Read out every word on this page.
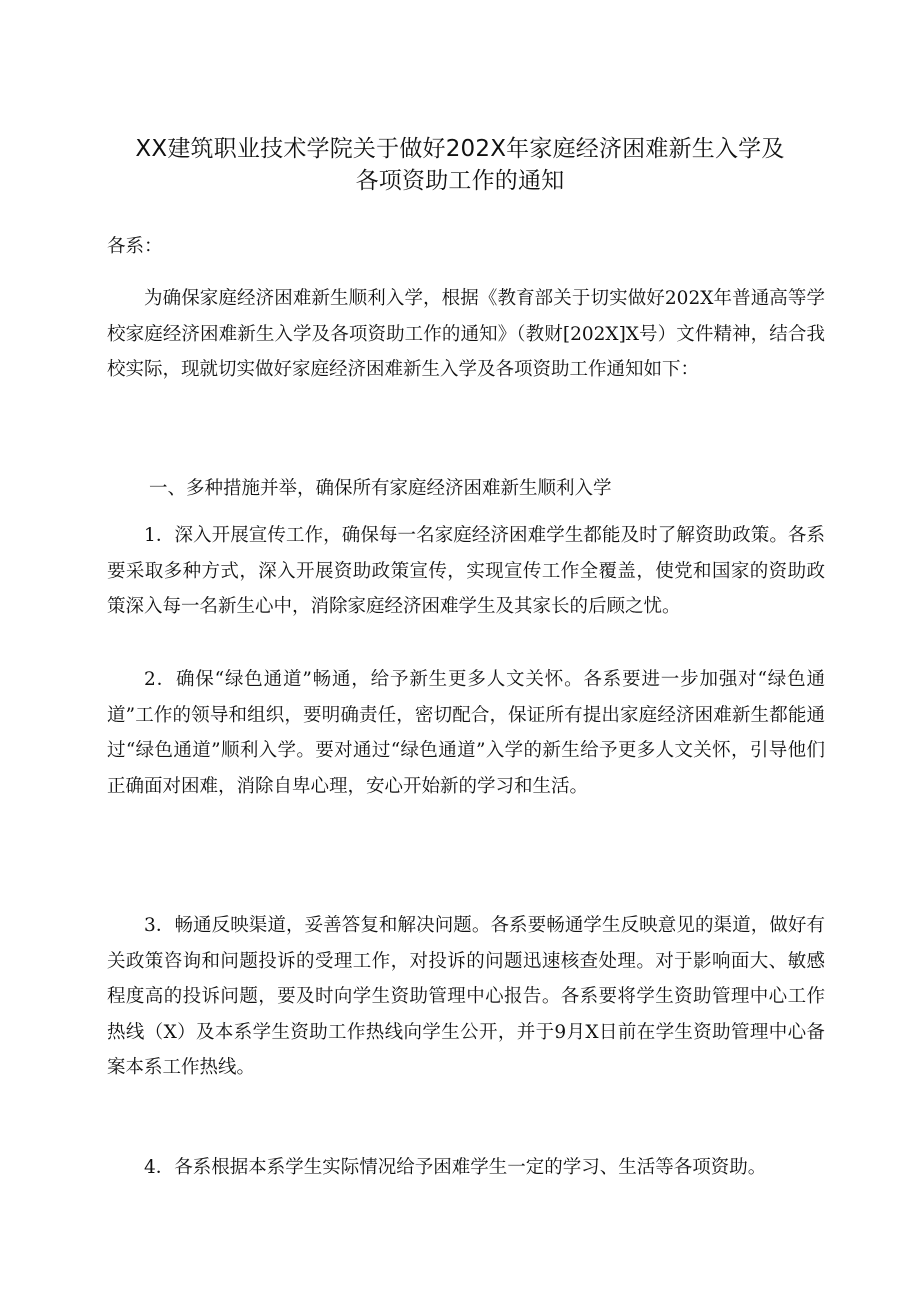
XX建筑职业技术学院关于做好202X年家庭经济困难新生入学及
各项资助工作的通知
各系：

为确保家庭经济困难新生顺利入学，根据《教育部关于切实做好202X年普通高等学校家庭经济困难新生入学及各项资助工作的通知》（教财[202X]X号）文件精神，结合我校实际，现就切实做好家庭经济困难新生入学及各项资助工作通知如下：

一、多种措施并举，确保所有家庭经济困难新生顺利入学

1．深入开展宣传工作，确保每一名家庭经济困难学生都能及时了解资助政策。各系要采取多种方式，深入开展资助政策宣传，实现宣传工作全覆盖，使党和国家的资助政策深入每一名新生心中，消除家庭经济困难学生及其家长的后顾之忧。

2．确保“绿色通道”畅通，给予新生更多人文关怀。各系要进一步加强对“绿色通道”工作的领导和组织，要明确责任，密切配合，保证所有提出家庭经济困难新生都能通过“绿色通道”顺利入学。要对通过“绿色通道”入学的新生给予更多人文关怀，引导他们正确面对困难，消除自卑心理，安心开始新的学习和生活。

3．畅通反映渠道，妥善答复和解决问题。各系要畅通学生反映意见的渠道，做好有关政策咨询和问题投诉的受理工作，对投诉的问题迅速核查处理。对于影响面大、敏感程度高的投诉问题，要及时向学生资助管理中心报告。各系要将学生资助管理中心工作热线（X）及本系学生资助工作热线向学生公开，并于9月X日前在学生资助管理中心备案本系工作热线。

4．各系根据本系学生实际情况给予困难学生一定的学习、生活等各项资助。
